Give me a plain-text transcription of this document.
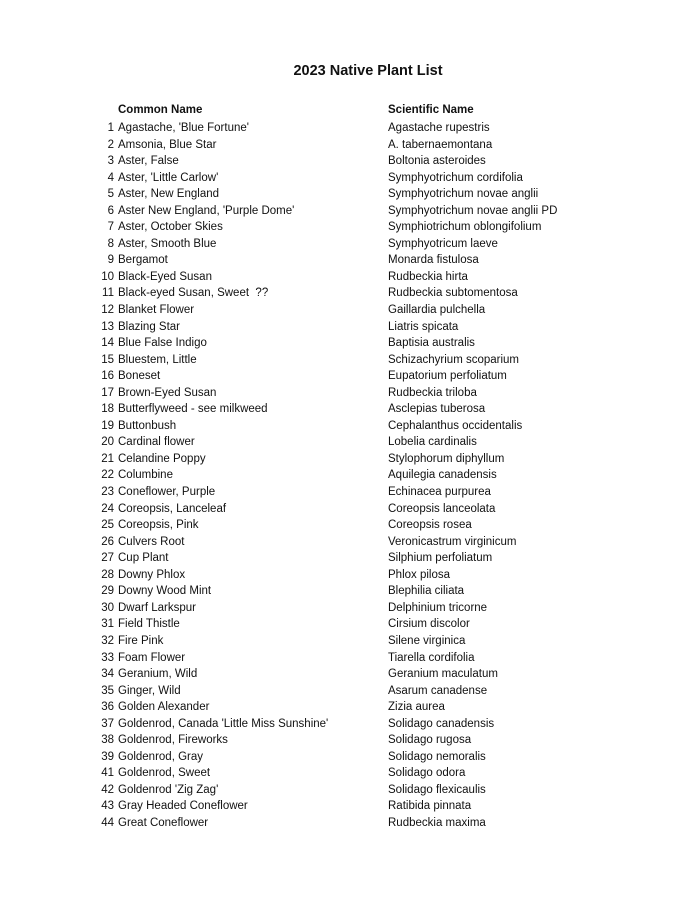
2023 Native Plant List
Common Name	Scientific Name
1 Agastache, 'Blue Fortune'	Agastache rupestris
2 Amsonia, Blue Star	A. tabernaemontana
3 Aster, False	Boltonia asteroides
4 Aster, 'Little Carlow'	Symphyotrichum cordifolia
5 Aster, New England	Symphyotrichum novae anglii
6 Aster New England, 'Purple Dome'	Symphyotrichum novae anglii PD
7 Aster, October Skies	Symphiotrichum oblongifolium
8 Aster, Smooth Blue	Symphyotricum laeve
9 Bergamot	Monarda fistulosa
10 Black-Eyed Susan	Rudbeckia hirta
11 Black-eyed Susan, Sweet  ??	Rudbeckia subtomentosa
12 Blanket Flower	Gaillardia pulchella
13 Blazing Star	Liatris spicata
14 Blue False Indigo	Baptisia australis
15 Bluestem, Little	Schizachyrium scoparium
16 Boneset	Eupatorium perfoliatum
17 Brown-Eyed Susan	Rudbeckia triloba
18 Butterflyweed - see milkweed	Asclepias tuberosa
19 Buttonbush	Cephalanthus occidentalis
20 Cardinal flower	Lobelia cardinalis
21 Celandine Poppy	Stylophorum diphyllum
22 Columbine	Aquilegia canadensis
23 Coneflower, Purple	Echinacea purpurea
24 Coreopsis, Lanceleaf	Coreopsis lanceolata
25 Coreopsis, Pink	Coreopsis rosea
26 Culvers Root	Veronicastrum virginicum
27 Cup Plant	Silphium perfoliatum
28 Downy Phlox	Phlox pilosa
29 Downy Wood Mint	Blephilia ciliata
30 Dwarf Larkspur	Delphinium tricorne
31 Field Thistle	Cirsium discolor
32 Fire Pink	Silene virginica
33 Foam Flower	Tiarella cordifolia
34 Geranium, Wild	Geranium maculatum
35 Ginger, Wild	Asarum canadense
36 Golden Alexander	Zizia aurea
37 Goldenrod, Canada 'Little Miss Sunshine'	Solidago canadensis
38 Goldenrod, Fireworks	Solidago rugosa
39 Goldenrod, Gray	Solidago nemoralis
41 Goldenrod, Sweet	Solidago odora
42 Goldenrod 'Zig Zag'	Solidago flexicaulis
43 Gray Headed Coneflower	Ratibida pinnata
44 Great Coneflower	Rudbeckia maxima
